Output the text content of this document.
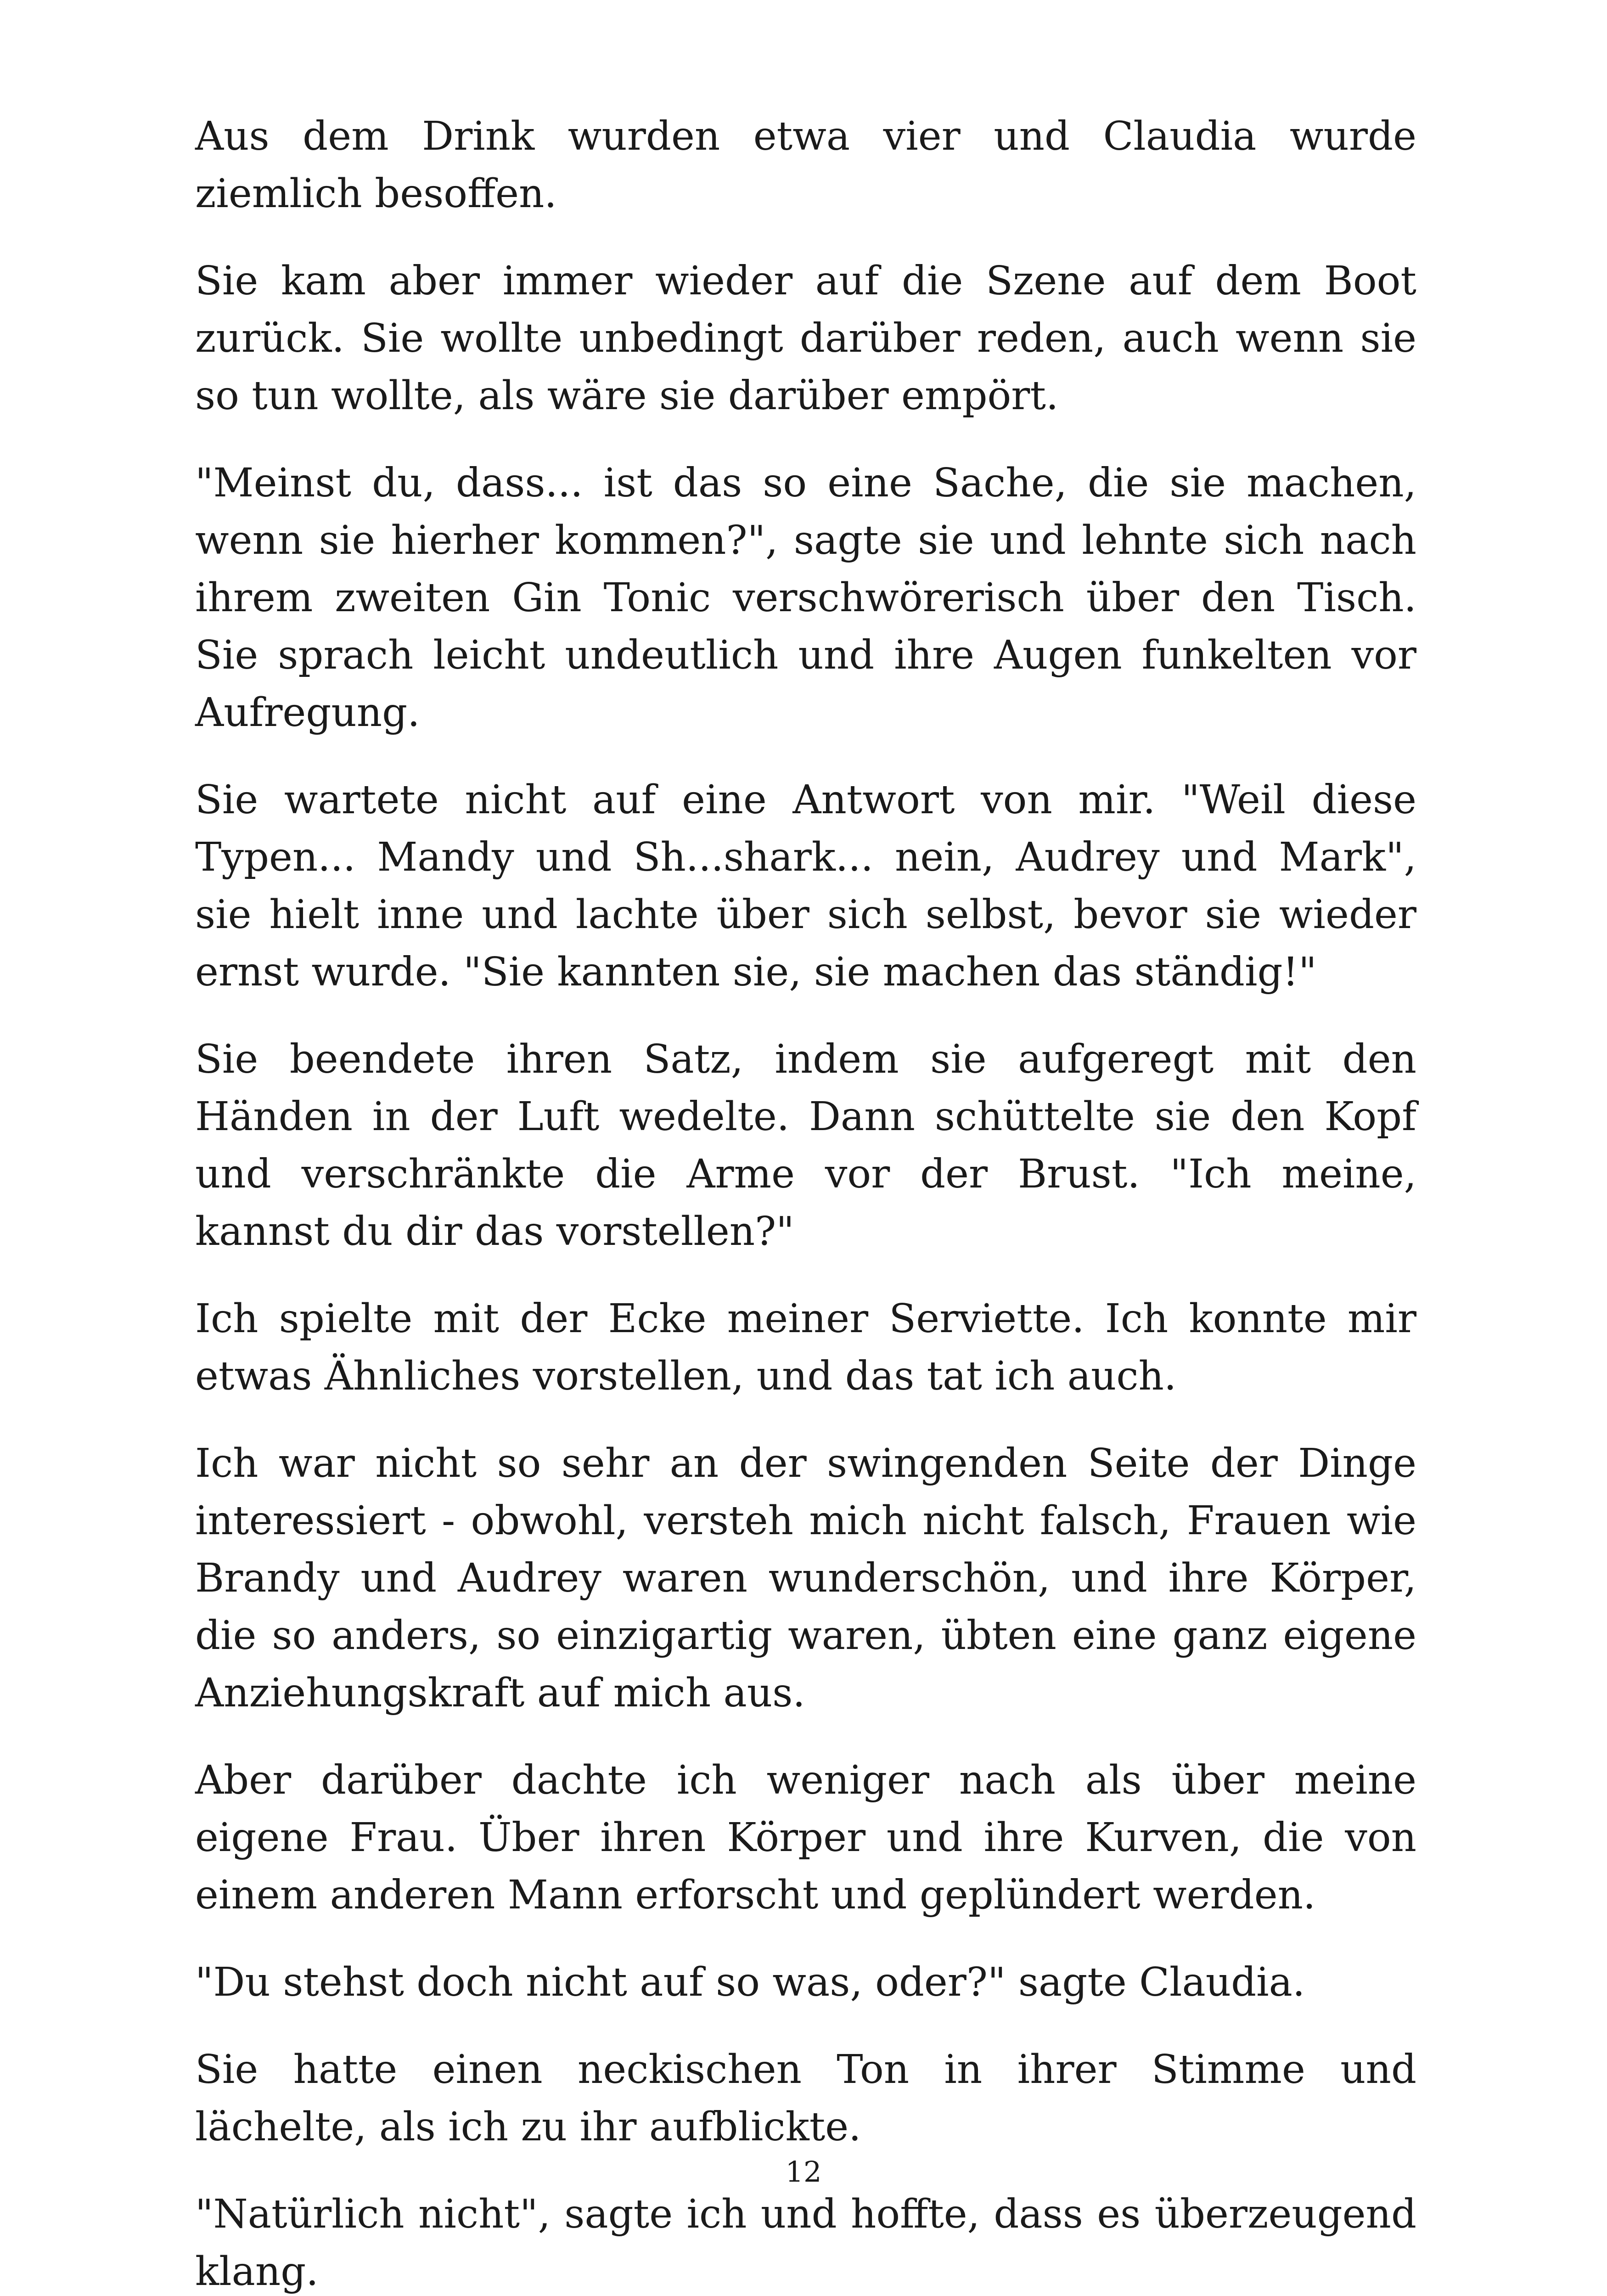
Aus dem Drink wurden etwa vier und Claudia wurde ziemlich besoffen.

Sie kam aber immer wieder auf die Szene auf dem Boot zurück. Sie wollte unbedingt darüber reden, auch wenn sie so tun wollte, als wäre sie darüber empört.

"Meinst du, dass... ist das so eine Sache, die sie machen, wenn sie hierher kommen?", sagte sie und lehnte sich nach ihrem zweiten Gin Tonic verschwörerisch über den Tisch. Sie sprach leicht undeutlich und ihre Augen funkelten vor Aufregung.

Sie wartete nicht auf eine Antwort von mir. "Weil diese Typen... Mandy und Sh...shark... nein, Audrey und Mark", sie hielt inne und lachte über sich selbst, bevor sie wieder ernst wurde. "Sie kannten sie, sie machen das ständig!"

Sie beendete ihren Satz, indem sie aufgeregt mit den Händen in der Luft wedelte. Dann schüttelte sie den Kopf und verschränkte die Arme vor der Brust. "Ich meine, kannst du dir das vorstellen?"

Ich spielte mit der Ecke meiner Serviette. Ich konnte mir etwas Ähnliches vorstellen, und das tat ich auch.

Ich war nicht so sehr an der swingenden Seite der Dinge interessiert - obwohl, versteh mich nicht falsch, Frauen wie Brandy und Audrey waren wunderschön, und ihre Körper, die so anders, so einzigartig waren, übten eine ganz eigene Anziehungskraft auf mich aus.

Aber darüber dachte ich weniger nach als über meine eigene Frau. Über ihren Körper und ihre Kurven, die von einem anderen Mann erforscht und geplündert werden.

"Du stehst doch nicht auf so was, oder?" sagte Claudia.

Sie hatte einen neckischen Ton in ihrer Stimme und lächelte, als ich zu ihr aufblickte.

"Natürlich nicht", sagte ich und hoffte, dass es überzeugend klang.

12
